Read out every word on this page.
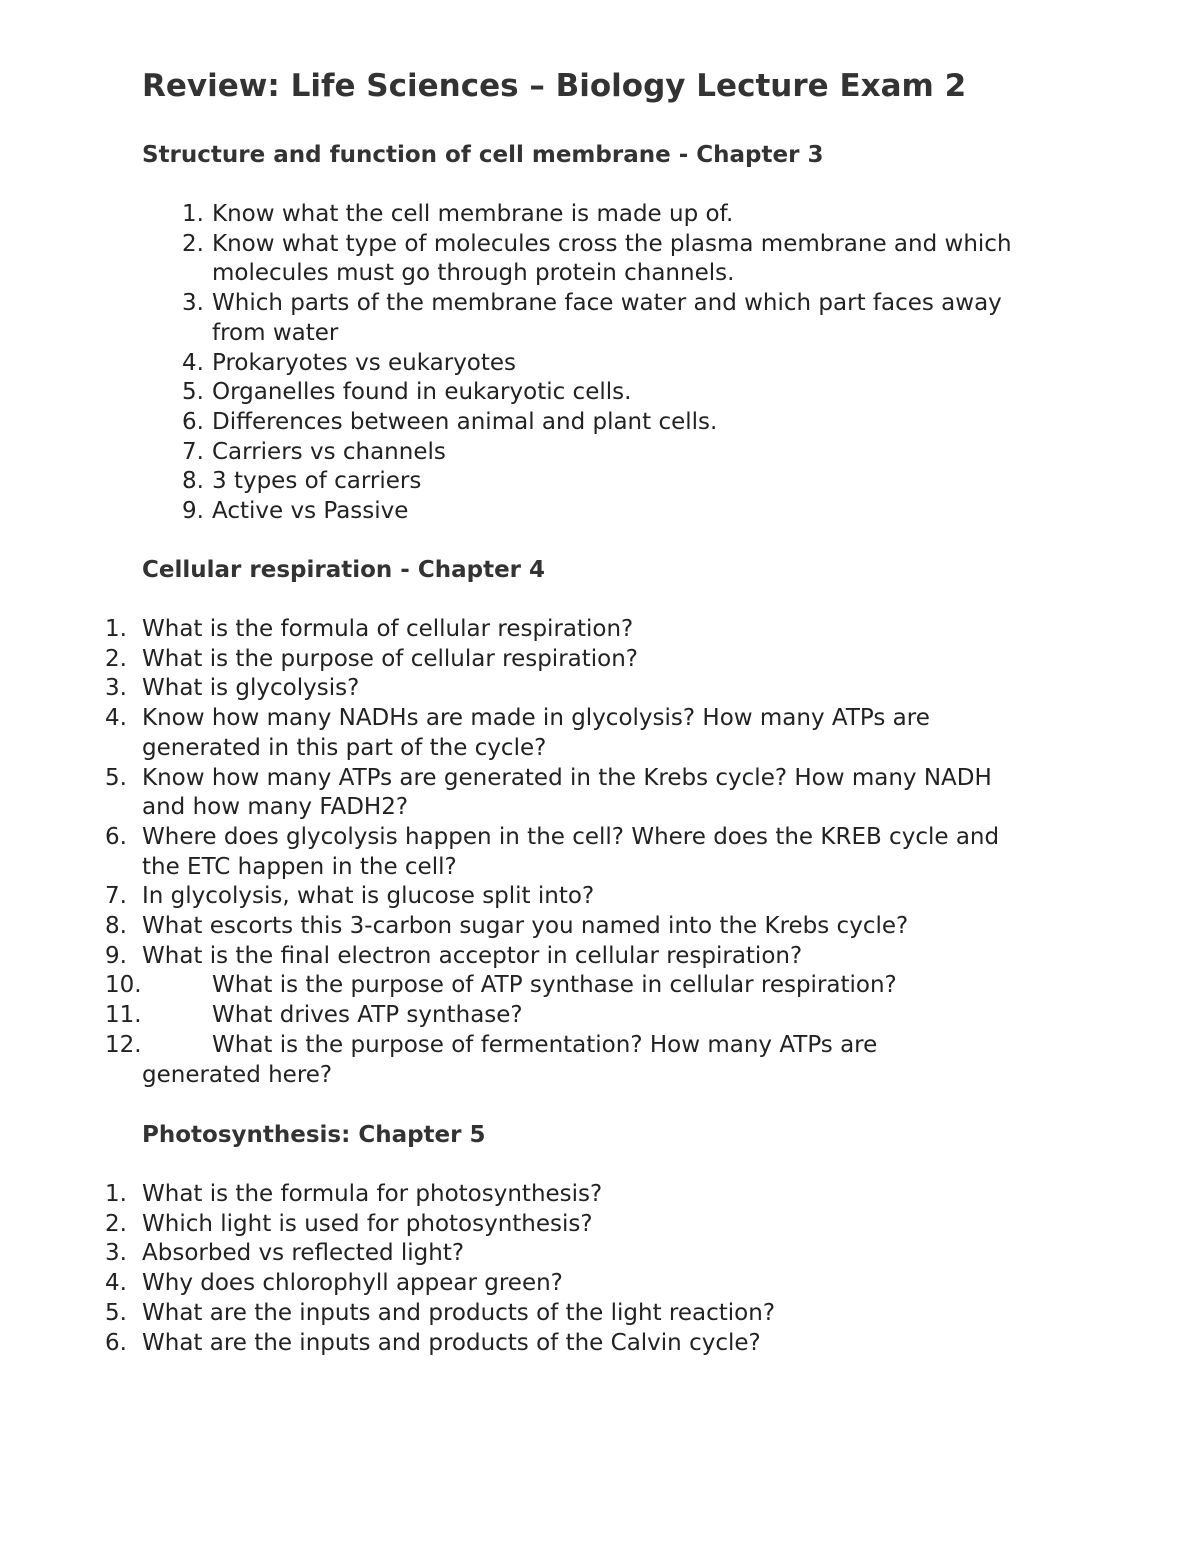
Review: Life Sciences – Biology Lecture Exam 2
Structure and function of cell membrane - Chapter 3
1. Know what the cell membrane is made up of.
2. Know what type of molecules cross the plasma membrane and which molecules must go through protein channels.
3. Which parts of the membrane face water and which part faces away from water
4. Prokaryotes vs eukaryotes
5. Organelles found in eukaryotic cells.
6. Differences between animal and plant cells.
7. Carriers vs channels
8. 3 types of carriers
9. Active vs Passive
Cellular respiration - Chapter 4
1. What is the formula of cellular respiration?
2. What is the purpose of cellular respiration?
3. What is glycolysis?
4. Know how many NADHs are made in glycolysis? How many ATPs are generated in this part of the cycle?
5. Know how many ATPs are generated in the Krebs cycle? How many NADH and how many FADH2?
6. Where does glycolysis happen in the cell? Where does the KREB cycle and the ETC happen in the cell?
7. In glycolysis, what is glucose split into?
8. What escorts this 3-carbon sugar you named into the Krebs cycle?
9. What is the final electron acceptor in cellular respiration?
10.	What is the purpose of ATP synthase in cellular respiration?
11.	What drives ATP synthase?
12.	What is the purpose of fermentation? How many ATPs are generated here?
Photosynthesis: Chapter 5
1. What is the formula for photosynthesis?
2. Which light is used for photosynthesis?
3. Absorbed vs reflected light?
4. Why does chlorophyll appear green?
5. What are the inputs and products of the light reaction?
6. What are the inputs and products of the Calvin cycle?
